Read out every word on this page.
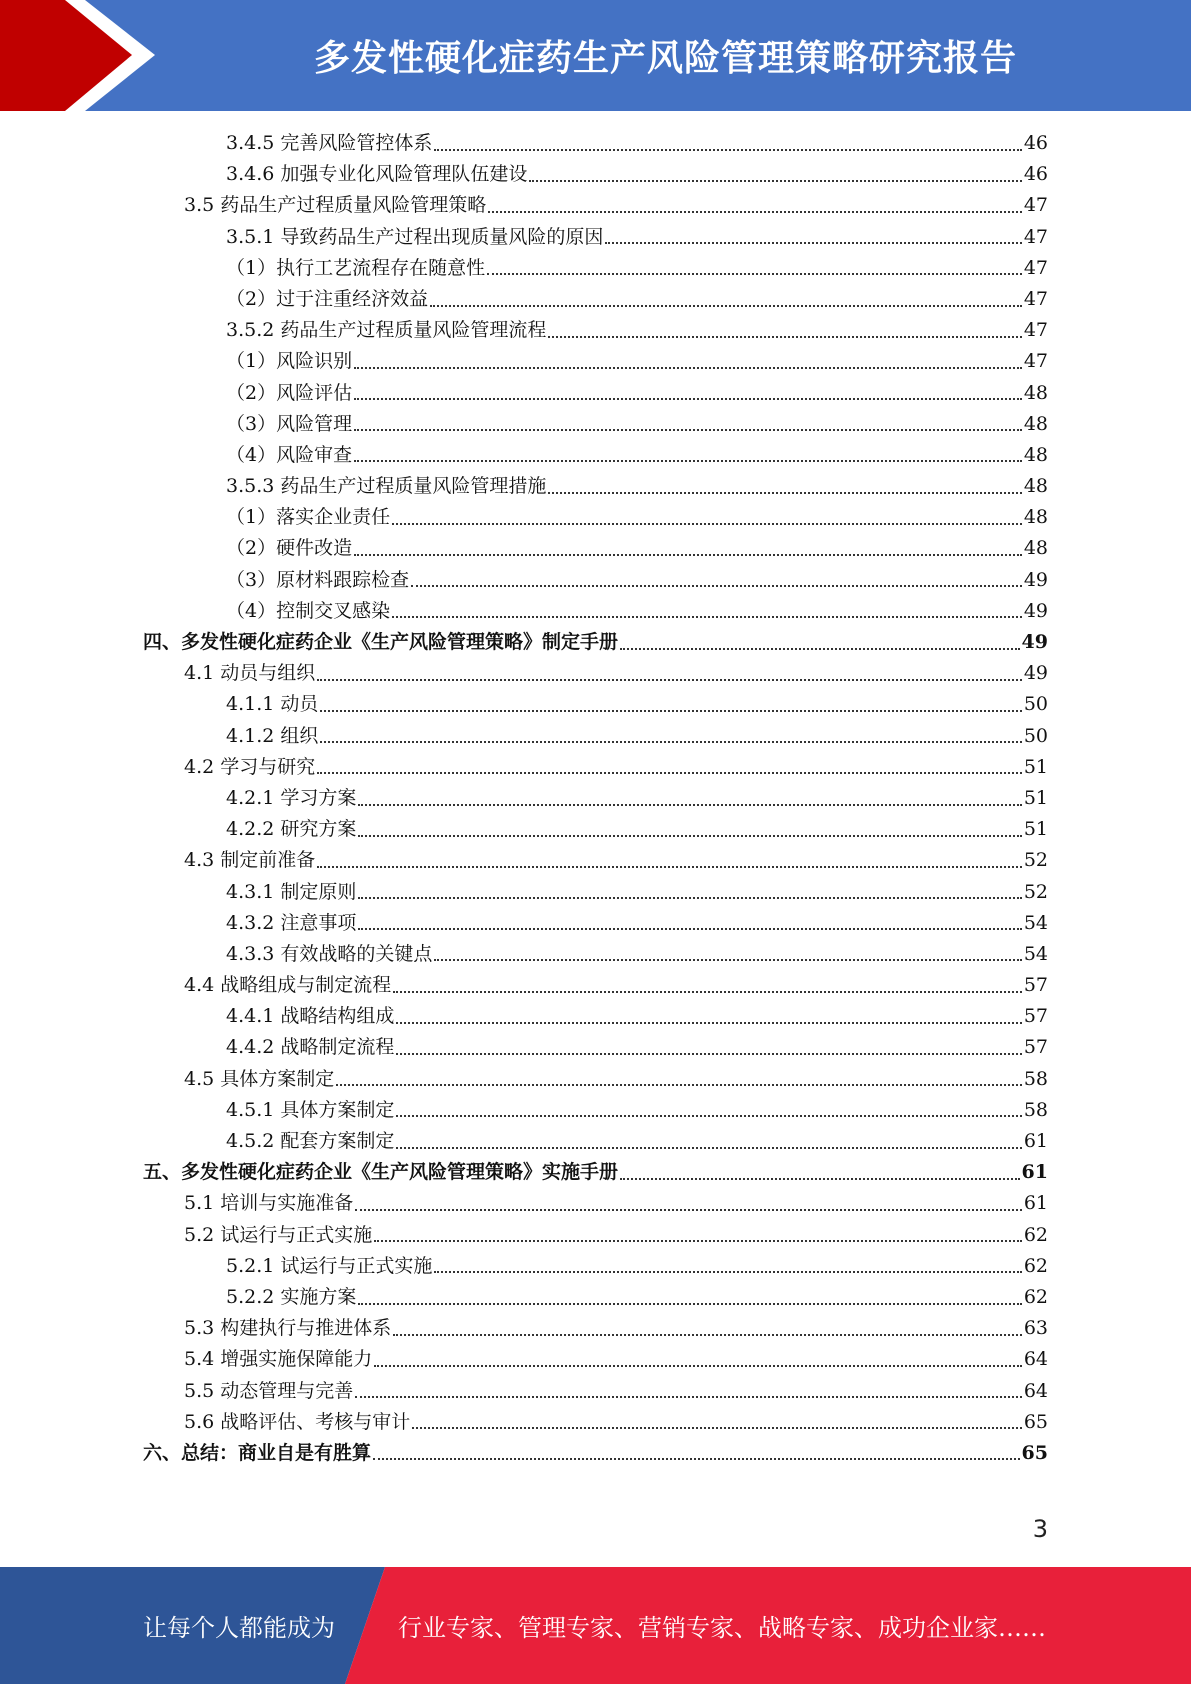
多发性硬化症药生产风险管理策略研究报告
3.4.5 完善风险管控体系	46
3.4.6 加强专业化风险管理队伍建设	46
3.5 药品生产过程质量风险管理策略	47
3.5.1 导致药品生产过程出现质量风险的原因	47
（1）执行工艺流程存在随意性	47
（2）过于注重经济效益	47
3.5.2 药品生产过程质量风险管理流程	47
（1）风险识别	47
（2）风险评估	48
（3）风险管理	48
（4）风险审查	48
3.5.3 药品生产过程质量风险管理措施	48
（1）落实企业责任	48
（2）硬件改造	48
（3）原材料跟踪检查	49
（4）控制交叉感染	49
四、多发性硬化症药企业《生产风险管理策略》制定手册	49
4.1 动员与组织	49
4.1.1 动员	50
4.1.2 组织	50
4.2 学习与研究	51
4.2.1 学习方案	51
4.2.2 研究方案	51
4.3 制定前准备	52
4.3.1 制定原则	52
4.3.2 注意事项	54
4.3.3 有效战略的关键点	54
4.4 战略组成与制定流程	57
4.4.1 战略结构组成	57
4.4.2 战略制定流程	57
4.5 具体方案制定	58
4.5.1 具体方案制定	58
4.5.2 配套方案制定	61
五、多发性硬化症药企业《生产风险管理策略》实施手册	61
5.1 培训与实施准备	61
5.2 试运行与正式实施	62
5.2.1 试运行与正式实施	62
5.2.2 实施方案	62
5.3 构建执行与推进体系	63
5.4 增强实施保障能力	64
5.5 动态管理与完善	64
5.6 战略评估、考核与审计	65
六、总结：商业自是有胜算	65
3
让每个人都能成为	行业专家、管理专家、营销专家、战略专家、成功企业家……
